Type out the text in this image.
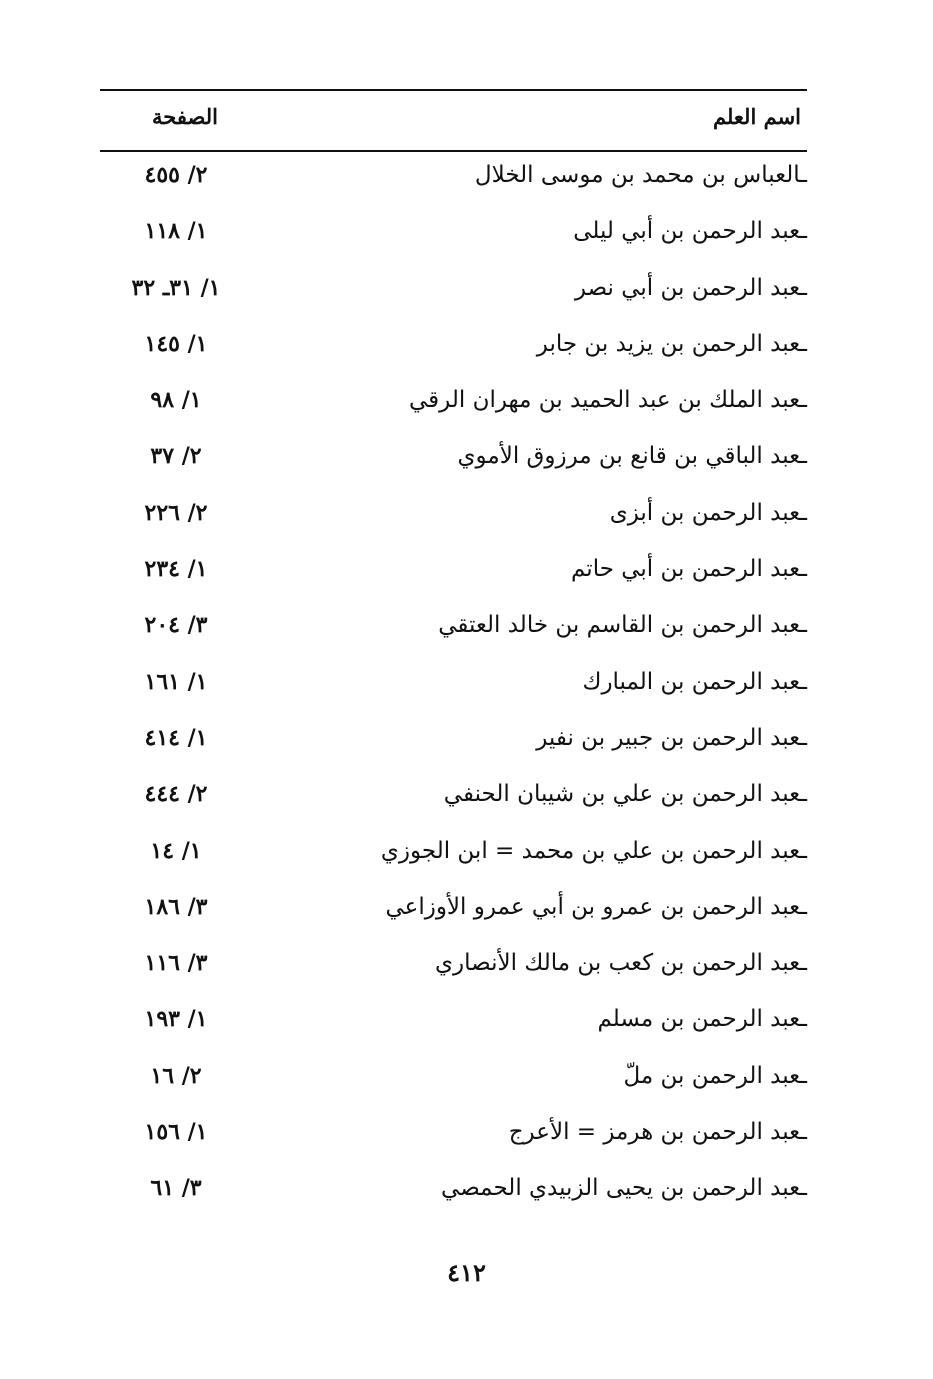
اسم العلم
الصفحة
ـالعباس بن محمد بن موسى الخلال
٢/ ٤٥٥
ـعبد الرحمن بن أبي ليلى
١/ ١١٨
ـعبد الرحمن بن أبي نصر
١/ ٣١ـ ٣٢
ـعبد الرحمن بن يزيد بن جابر
١/ ١٤٥
ـعبد الملك بن عبد الحميد بن مهران الرقي
١/ ٩٨
ـعبد الباقي بن قانع بن مرزوق الأموي
٢/ ٣٧
ـعبد الرحمن بن أبزى
٢/ ٢٢٦
ـعبد الرحمن بن أبي حاتم
١/ ٢٣٤
ـعبد الرحمن بن القاسم بن خالد العتقي
٣/ ٢٠٤
ـعبد الرحمن بن المبارك
١/ ١٦١
ـعبد الرحمن بن جبير بن نفير
١/ ٤١٤
ـعبد الرحمن بن علي بن شيبان الحنفي
٢/ ٤٤٤
ـعبد الرحمن بن علي بن محمد = ابن الجوزي
١/ ١٤
ـعبد الرحمن بن عمرو بن أبي عمرو الأوزاعي
٣/ ١٨٦
ـعبد الرحمن بن كعب بن مالك الأنصاري
٣/ ١١٦
ـعبد الرحمن بن مسلم
١/ ١٩٣
ـعبد الرحمن بن ملّ
٢/ ١٦
ـعبد الرحمن بن هرمز = الأعرج
١/ ١٥٦
ـعبد الرحمن بن يحيى الزبيدي الحمصي
٣/ ٦١
٤١٢
